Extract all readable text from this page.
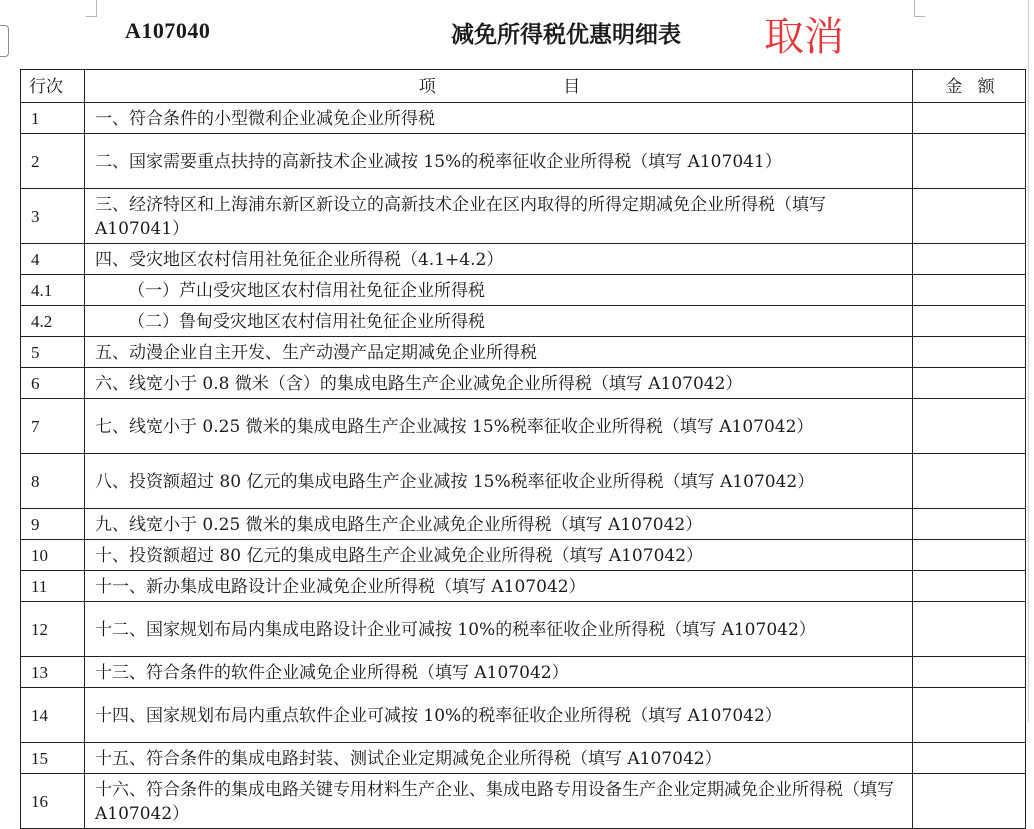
A107040	减免所得税优惠明细表 取消
行次	项目	金额
1	一、符合条件的小型微利企业减免企业所得税	
2	二、国家需要重点扶持的高新技术企业减按 15%的税率征收企业所得税（填写 A107041）	
3	三、经济特区和上海浦东新区新设立的高新技术企业在区内取得的所得定期减免企业所得税（填写 A107041）	
4	四、受灾地区农村信用社免征企业所得税（4.1+4.2）	
4.1	（一）芦山受灾地区农村信用社免征企业所得税	
4.2	（二）鲁甸受灾地区农村信用社免征企业所得税	
5	五、动漫企业自主开发、生产动漫产品定期减免企业所得税	
6	六、线宽小于 0.8 微米（含）的集成电路生产企业减免企业所得税（填写 A107042）	
7	七、线宽小于 0.25 微米的集成电路生产企业减按 15%税率征收企业所得税（填写 A107042）	
8	八、投资额超过 80 亿元的集成电路生产企业减按 15%税率征收企业所得税（填写 A107042）	
9	九、线宽小于 0.25 微米的集成电路生产企业减免企业所得税（填写 A107042）	
10	十、投资额超过 80 亿元的集成电路生产企业减免企业所得税（填写 A107042）	
11	十一、新办集成电路设计企业减免企业所得税（填写 A107042）	
12	十二、国家规划布局内集成电路设计企业可减按 10%的税率征收企业所得税（填写 A107042）	
13	十三、符合条件的软件企业减免企业所得税（填写 A107042）	
14	十四、国家规划布局内重点软件企业可减按 10%的税率征收企业所得税（填写 A107042）	
15	十五、符合条件的集成电路封装、测试企业定期减免企业所得税（填写 A107042）	
16	十六、符合条件的集成电路关键专用材料生产企业、集成电路专用设备生产企业定期减免企业所得税（填写 A107042）	
